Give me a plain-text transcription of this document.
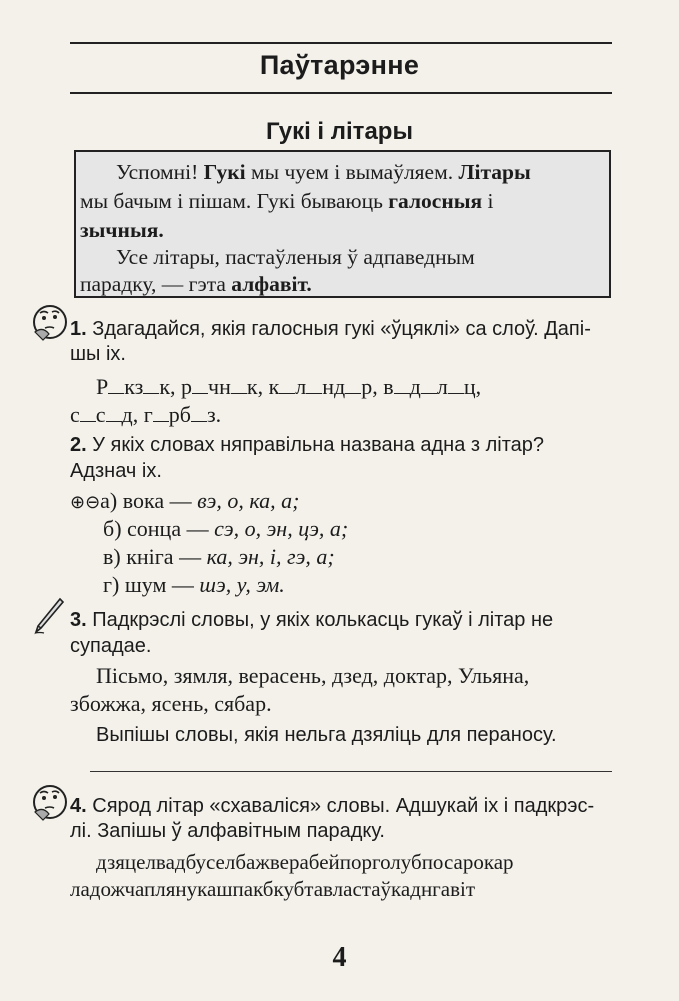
Паўтарэнне
Гукі і літары
Успомні! Гукі мы чуем і вымаўляем. Літары
мы бачым і пішам. Гукі бываюць галосныя і
зычныя.
Усе літары, пастаўленыя ў адпаведным
парадку, — гэта алфавіт.
1. Здагадайся, якія галосныя гукі «ўцяклі» са слоў. Дапі-
шы іх.
Р кз к, р чн к, к л нд р, в д л ц,
с с д, г рб з.
2. У якіх словах няправільна названа адна з літар?
Адзнач іх.
⊕⊖а) вока — вэ, о, ка, а;
б) сонца — сэ, о, эн, цэ, а;
в) кніга — ка, эн, і, гэ, а;
г) шум — шэ, у, эм.
3. Падкрэслі словы, у якіх колькасць гукаў і літар не
супадае.
Пісьмо, зямля, верасень, дзед, доктар, Ульяна,
збожжа, ясень, сябар.
Выпішы словы, якія нельга дзяліць для пераносу.
4. Сярод літар «схаваліся» словы. Адшукай іх і падкрэс-
лі. Запішы ў алфавітным парадку.
дзяцелвадбуселбажверабейпорголубпосарокар
ладожчаплянукашпакбкубтавластаўкаднгавіт
4
